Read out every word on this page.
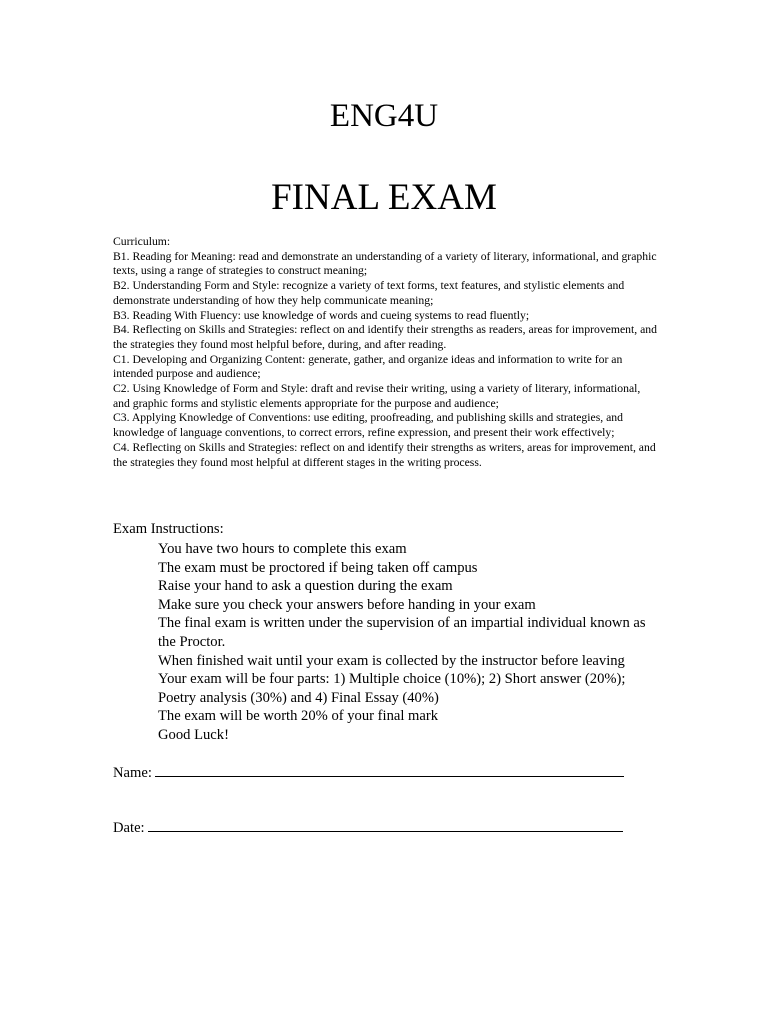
ENG4U
FINAL EXAM
Curriculum:
B1. Reading for Meaning: read and demonstrate an understanding of a variety of literary, informational, and graphic texts, using a range of strategies to construct meaning;
B2. Understanding Form and Style: recognize a variety of text forms, text features, and stylistic elements and demonstrate understanding of how they help communicate meaning;
B3. Reading With Fluency: use knowledge of words and cueing systems to read fluently;
B4. Reflecting on Skills and Strategies: reflect on and identify their strengths as readers, areas for improvement, and the strategies they found most helpful before, during, and after reading.
C1. Developing and Organizing Content: generate, gather, and organize ideas and information to write for an intended purpose and audience;
C2. Using Knowledge of Form and Style: draft and revise their writing, using a variety of literary, informational, and graphic forms and stylistic elements appropriate for the purpose and audience;
C3. Applying Knowledge of Conventions: use editing, proofreading, and publishing skills and strategies, and knowledge of language conventions, to correct errors, refine expression, and present their work effectively;
C4. Reflecting on Skills and Strategies: reflect on and identify their strengths as writers, areas for improvement, and the strategies they found most helpful at different stages in the writing process.
Exam Instructions:
You have two hours to complete this exam
The exam must be proctored if being taken off campus
Raise your hand to ask a question during the exam
Make sure you check your answers before handing in your exam
The final exam is written under the supervision of an impartial individual known as the Proctor.
When finished wait until your exam is collected by the instructor before leaving
Your exam will be four parts: 1) Multiple choice (10%); 2) Short answer (20%); Poetry analysis (30%) and 4) Final Essay (40%)
The exam will be worth 20% of your final mark
Good Luck!
Name:
Date:
